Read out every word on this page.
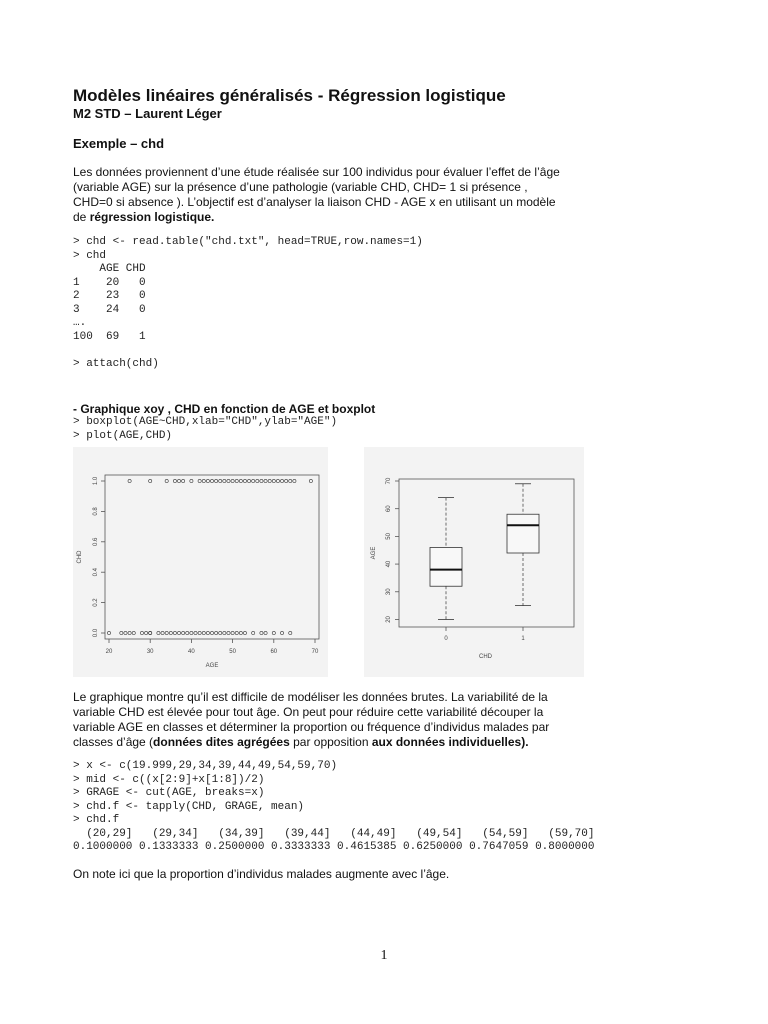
Modèles linéaires généralisés - Régression logistique
M2 STD – Laurent Léger
Exemple – chd
Les données proviennent d’une étude réalisée sur 100 individus pour évaluer l’effet de l’âge
(variable AGE) sur la présence d’une pathologie (variable CHD, CHD= 1 si présence ,
CHD=0 si absence ). L’objectif est d’analyser la liaison CHD - AGE x en utilisant un modèle
de régression logistique.
> chd <- read.table("chd.txt", head=TRUE,row.names=1)
> chd
AGE CHD
1    20   0
2    23   0
3    24   0
….
100  69   1

> attach(chd)
- Graphique xoy , CHD en fonction de AGE et boxplot
> boxplot(AGE~CHD,xlab="CHD",ylab="AGE")
> plot(AGE,CHD)
20	30	40	50	60	70
0.0
0.2
0.4
0.6
0.8
1.0
AGE
CHD
20
30
40
50
60
70
0	1
CHD
AGE
Le graphique montre qu’il est difficile de modéliser les données brutes. La variabilité de la
variable CHD est élevée pour tout âge. On peut pour réduire cette variabilité découper la
variable AGE en classes et déterminer la proportion ou fréquence d’individus malades par
classes d’âge (données dites agrégées par opposition aux données individuelles).
> x <- c(19.999,29,34,39,44,49,54,59,70)
> mid <- c((x[2:9]+x[1:8])/2)
> GRAGE <- cut(AGE, breaks=x)
> chd.f <- tapply(CHD, GRAGE, mean)
> chd.f
(20,29]   (29,34]   (34,39]   (39,44]   (44,49]   (49,54]   (54,59]   (59,70]
0.1000000 0.1333333 0.2500000 0.3333333 0.4615385 0.6250000 0.7647059 0.8000000
On note ici que la proportion d’individus malades augmente avec l’âge.
1
